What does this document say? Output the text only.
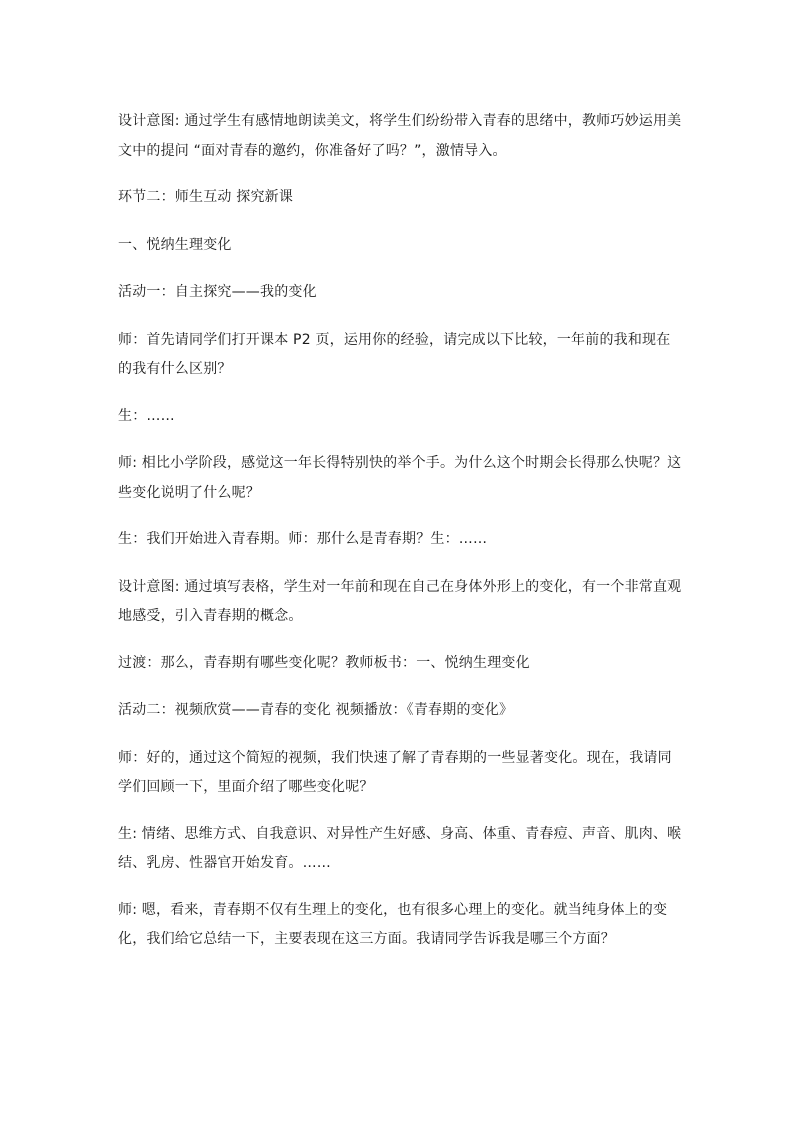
设计意图: 通过学生有感情地朗读美文，将学生们纷纷带入青春的思绪中，教师巧妙运用美文中的提问 “面对青春的邀约，你准备好了吗？”，激情导入。

环节二：师生互动 探究新课

一、悦纳生理变化

活动一：自主探究——我的变化

师：首先请同学们打开课本 P2 页，运用你的经验，请完成以下比较，一年前的我和现在的我有什么区别？

生：……

师: 相比小学阶段，感觉这一年长得特别快的举个手。为什么这个时期会长得那么快呢？这些变化说明了什么呢？

生：我们开始进入青春期。师：那什么是青春期？生：……

设计意图: 通过填写表格，学生对一年前和现在自己在身体外形上的变化，有一个非常直观地感受，引入青春期的概念。

过渡：那么，青春期有哪些变化呢？教师板书：一、悦纳生理变化

活动二：视频欣赏——青春的变化 视频播放：《青春期的变化》

师：好的，通过这个简短的视频，我们快速了解了青春期的一些显著变化。现在，我请同学们回顾一下，里面介绍了哪些变化呢？

生: 情绪、思维方式、自我意识、对异性产生好感、身高、体重、青春痘、声音、肌肉、喉结、乳房、性器官开始发育。……

师: 嗯，看来，青春期不仅有生理上的变化，也有很多心理上的变化。就当纯身体上的变化，我们给它总结一下，主要表现在这三方面。我请同学告诉我是哪三个方面？
